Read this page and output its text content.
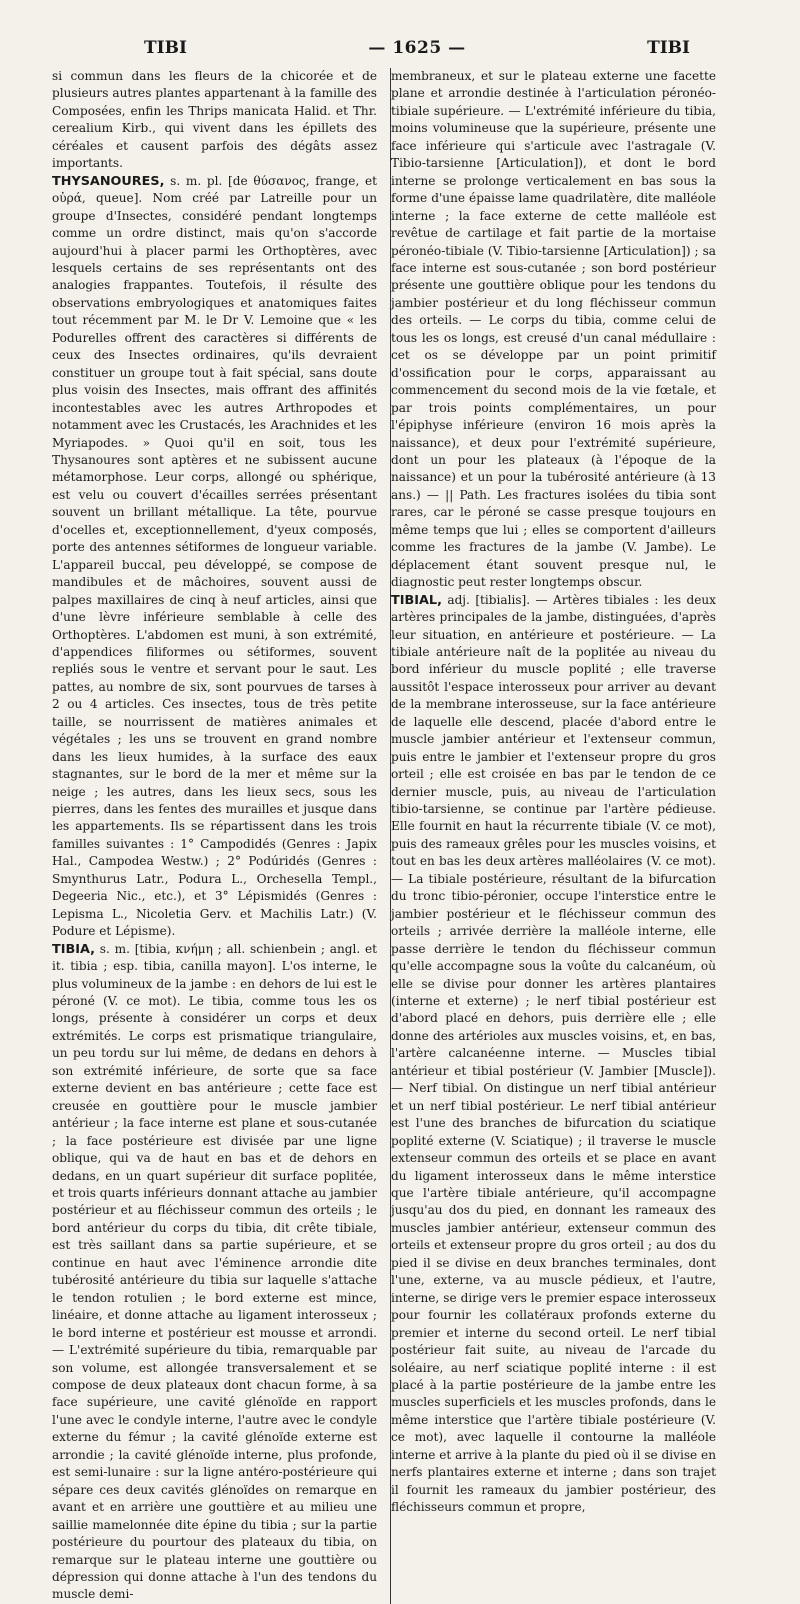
TIBI	— 1625 —	TIBI

si commun dans les fleurs de la chicorée et de plusieurs autres plantes appartenant à la famille des Composées, enfin les Thrips manicata Halid. et Thr. cerealium Kirb., qui vivent dans les épillets des céréales et causent parfois des dégâts assez importants.

THYSANOURES, s. m. pl. [de θύσανος, frange, et οὐρά, queue]. Nom créé par Latreille pour un groupe d'Insectes, considéré pendant longtemps comme un ordre distinct, mais qu'on s'accorde aujourd'hui à placer parmi les Orthoptères, avec lesquels certains de ses représentants ont des analogies frappantes. Toutefois, il résulte des observations embryologiques et anatomiques faites tout récemment par M. le Dr V. Lemoine que « les Podurelles offrent des caractères si différents de ceux des Insectes ordinaires, qu'ils devraient constituer un groupe tout à fait spécial, sans doute plus voisin des Insectes, mais offrant des affinités incontestables avec les autres Arthropodes et notamment avec les Crustacés, les Arachnides et les Myriapodes. » Quoi qu'il en soit, tous les Thysanoures sont aptères et ne subissent aucune métamorphose. Leur corps, allongé ou sphérique, est velu ou couvert d'écailles serrées présentant souvent un brillant métallique. La tête, pourvue d'ocelles et, exceptionnellement, d'yeux composés, porte des antennes sétiformes de longueur variable. L'appareil buccal, peu développé, se compose de mandibules et de mâchoires, souvent aussi de palpes maxillaires de cinq à neuf articles, ainsi que d'une lèvre inférieure semblable à celle des Orthoptères. L'abdomen est muni, à son extrémité, d'appendices filiformes ou sétiformes, souvent repliés sous le ventre et servant pour le saut. Les pattes, au nombre de six, sont pourvues de tarses à 2 ou 4 articles. Ces insectes, tous de très petite taille, se nourrissent de matières animales et végétales ; les uns se trouvent en grand nombre dans les lieux humides, à la surface des eaux stagnantes, sur le bord de la mer et même sur la neige ; les autres, dans les lieux secs, sous les pierres, dans les fentes des murailles et jusque dans les appartements. Ils se répartissent dans les trois familles suivantes : 1° Campodidés (Genres : Japix Hal., Campodea Westw.) ; 2° Podúridés (Genres : Smynthurus Latr., Podura L., Orchesella Templ., Degeeria Nic., etc.), et 3° Lépismidés (Genres : Lepisma L., Nicoletia Gerv. et Machilis Latr.) (V. Podure et Lépisme).

TIBIA, s. m. [tibia, κνήμη ; all. schienbein ; angl. et it. tibia ; esp. tibia, canilla mayon]. L'os interne, le plus volumineux de la jambe : en dehors de lui est le péroné (V. ce mot). Le tibia, comme tous les os longs, présente à considérer un corps et deux extrémités. Le corps est prismatique triangulaire, un peu tordu sur lui même, de dedans en dehors à son extrémité inférieure, de sorte que sa face externe devient en bas antérieure ; cette face est creusée en gouttière pour le muscle jambier antérieur ; la face interne est plane et sous-cutanée ; la face postérieure est divisée par une ligne oblique, qui va de haut en bas et de dehors en dedans, en un quart supérieur dit surface poplitée, et trois quarts inférieurs donnant attache au jambier postérieur et au fléchisseur commun des orteils ; le bord antérieur du corps du tibia, dit crête tibiale, est très saillant dans sa partie supérieure, et se continue en haut avec l'éminence arrondie dite tubérosité antérieure du tibia sur laquelle s'attache le tendon rotulien ; le bord externe est mince, linéaire, et donne attache au ligament interosseux ; le bord interne et postérieur est mousse et arrondi. — L'extrémité supérieure du tibia, remarquable par son volume, est allongée transversalement et se compose de deux plateaux dont chacun forme, à sa face supérieure, une cavité glénoïde en rapport l'une avec le condyle interne, l'autre avec le condyle externe du fémur ; la cavité glénoïde externe est arrondie ; la cavité glénoïde interne, plus profonde, est semi-lunaire : sur la ligne antéro-postérieure qui sépare ces deux cavités glénoïdes on remarque en avant et en arrière une gouttière et au milieu une saillie mamelonnée dite épine du tibia ; sur la partie postérieure du pourtour des plateaux du tibia, on remarque sur le plateau interne une gouttière ou dépression qui donne attache à l'un des tendons du muscle demi-

membraneux, et sur le plateau externe une facette plane et arrondie destinée à l'articulation péronéo-tibiale supérieure. — L'extrémité inférieure du tibia, moins volumineuse que la supérieure, présente une face inférieure qui s'articule avec l'astragale (V. Tibio-tarsienne [Articulation]), et dont le bord interne se prolonge verticalement en bas sous la forme d'une épaisse lame quadrilatère, dite malléole interne ; la face externe de cette malléole est revêtue de cartilage et fait partie de la mortaise péronéo-tibiale (V. Tibio-tarsienne [Articulation]) ; sa face interne est sous-cutanée ; son bord postérieur présente une gouttière oblique pour les tendons du jambier postérieur et du long fléchisseur commun des orteils. — Le corps du tibia, comme celui de tous les os longs, est creusé d'un canal médullaire : cet os se développe par un point primitif d'ossification pour le corps, apparaissant au commencement du second mois de la vie fœtale, et par trois points complémentaires, un pour l'épiphyse inférieure (environ 16 mois après la naissance), et deux pour l'extrémité supérieure, dont un pour les plateaux (à l'époque de la naissance) et un pour la tubérosité antérieure (à 13 ans.) — || Path. Les fractures isolées du tibia sont rares, car le péroné se casse presque toujours en même temps que lui ; elles se comportent d'ailleurs comme les fractures de la jambe (V. Jambe). Le déplacement étant souvent presque nul, le diagnostic peut rester longtemps obscur.

TIBIAL, adj. [tibialis]. — Artères tibiales : les deux artères principales de la jambe, distinguées, d'après leur situation, en antérieure et postérieure. — La tibiale antérieure naît de la poplitée au niveau du bord inférieur du muscle poplité ; elle traverse aussitôt l'espace interosseux pour arriver au devant de la membrane interosseuse, sur la face antérieure de laquelle elle descend, placée d'abord entre le muscle jambier antérieur et l'extenseur commun, puis entre le jambier et l'extenseur propre du gros orteil ; elle est croisée en bas par le tendon de ce dernier muscle, puis, au niveau de l'articulation tibio-tarsienne, se continue par l'artère pédieuse. Elle fournit en haut la récurrente tibiale (V. ce mot), puis des rameaux grêles pour les muscles voisins, et tout en bas les deux artères malléolaires (V. ce mot). — La tibiale postérieure, résultant de la bifurcation du tronc tibio-péronier, occupe l'interstice entre le jambier postérieur et le fléchisseur commun des orteils ; arrivée derrière la malléole interne, elle passe derrière le tendon du fléchisseur commun qu'elle accompagne sous la voûte du calcanéum, où elle se divise pour donner les artères plantaires (interne et externe) ; le nerf tibial postérieur est d'abord placé en dehors, puis derrière elle ; elle donne des artérioles aux muscles voisins, et, en bas, l'artère calcanéenne interne. — Muscles tibial antérieur et tibial postérieur (V. Jambier [Muscle]). — Nerf tibial. On distingue un nerf tibial antérieur et un nerf tibial postérieur. Le nerf tibial antérieur est l'une des branches de bifurcation du sciatique poplité externe (V. Sciatique) ; il traverse le muscle extenseur commun des orteils et se place en avant du ligament interosseux dans le même interstice que l'artère tibiale antérieure, qu'il accompagne jusqu'au dos du pied, en donnant les rameaux des muscles jambier antérieur, extenseur commun des orteils et extenseur propre du gros orteil ; au dos du pied il se divise en deux branches terminales, dont l'une, externe, va au muscle pédieux, et l'autre, interne, se dirige vers le premier espace interosseux pour fournir les collatéraux profonds externe du premier et interne du second orteil. Le nerf tibial postérieur fait suite, au niveau de l'arcade du soléaire, au nerf sciatique poplité interne : il est placé à la partie postérieure de la jambe entre les muscles superficiels et les muscles profonds, dans le même interstice que l'artère tibiale postérieure (V. ce mot), avec laquelle il contourne la malléole interne et arrive à la plante du pied où il se divise en nerfs plantaires externe et interne ; dans son trajet il fournit les rameaux du jambier postérieur, des fléchisseurs commun et propre,
